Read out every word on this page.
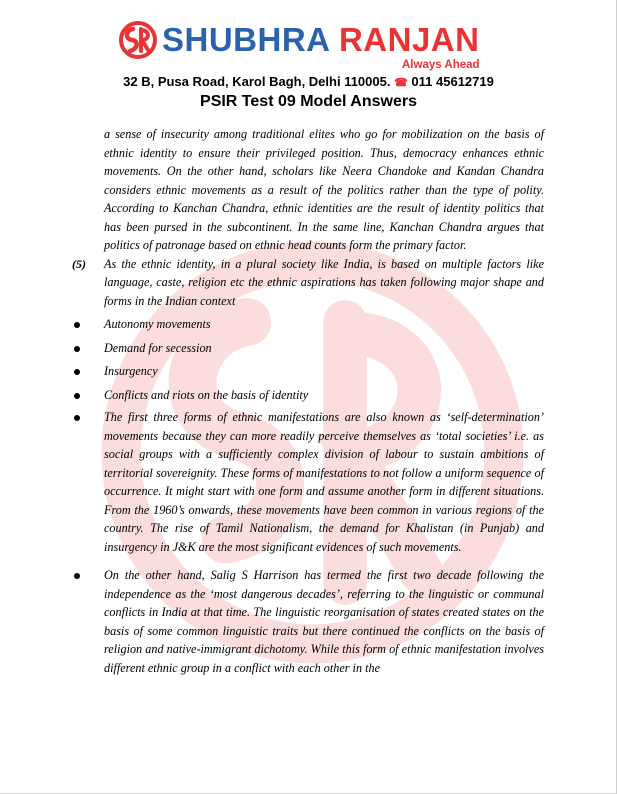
SHUBHRA RANJAN
Always Ahead
32 B, Pusa Road, Karol Bagh, Delhi 110005. ☎ 011 45612719
PSIR Test 09 Model Answers

a sense of insecurity among traditional elites who go for mobilization on the basis of ethnic identity to ensure their privileged position. Thus, democracy enhances ethnic movements. On the other hand, scholars like Neera Chandoke and Kandan Chandra considers ethnic movements as a result of the politics rather than the type of polity. According to Kanchan Chandra, ethnic identities are the result of identity politics that has been pursed in the subcontinent. In the same line, Kanchan Chandra argues that politics of patronage based on ethnic head counts form the primary factor.

(5) As the ethnic identity, in a plural society like India, is based on multiple factors like language, caste, religion etc the ethnic aspirations has taken following major shape and forms in the Indian context

Autonomy movements

Demand for secession

Insurgency

Conflicts and riots on the basis of identity

The first three forms of ethnic manifestations are also known as ‘self-determination’ movements because they can more readily perceive themselves as ‘total societies’ i.e. as social groups with a sufficiently complex division of labour to sustain ambitions of territorial sovereignity. These forms of manifestations to not follow a uniform sequence of occurrence. It might start with one form and assume another form in different situations. From the 1960’s onwards, these movements have been common in various regions of the country. The rise of Tamil Nationalism, the demand for Khalistan (in Punjab) and insurgency in J&K are the most significant evidences of such movements.

On the other hand, Salig S Harrison has termed the first two decade following the independence as the ‘most dangerous decades’, referring to the linguistic or communal conflicts in India at that time. The linguistic reorganisation of states created states on the basis of some common linguistic traits but there continued the conflicts on the basis of religion and native-immigrant dichotomy. While this form of ethnic manifestation involves different ethnic group in a conflict with each other in the
